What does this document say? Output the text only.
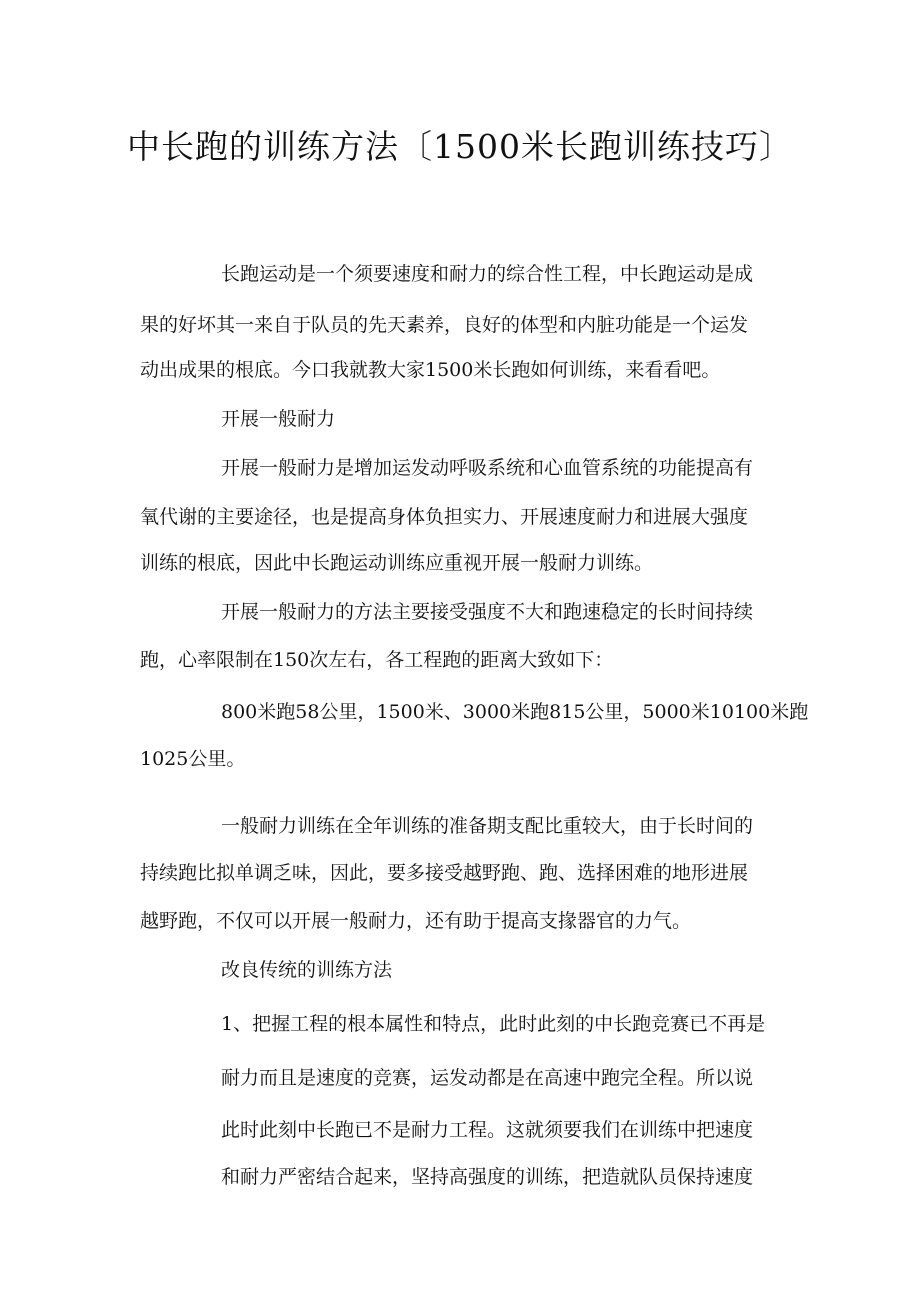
中长跑的训练方法〔1500米长跑训练技巧〕
长跑运动是一个须要速度和耐力的综合性工程，中长跑运动是成
果的好坏其一来自于队员的先天素养，良好的体型和内脏功能是一个运发
动出成果的根底。今口我就教大家1500米长跑如何训练，来看看吧。
开展一般耐力
开展一般耐力是增加运发动呼吸系统和心血管系统的功能提高有
氧代谢的主要途径，也是提高身体负担实力、开展速度耐力和进展大强度
训练的根底，因此中长跑运动训练应重视开展一般耐力训练。
开展一般耐力的方法主要接受强度不大和跑速稳定的长时间持续
跑，心率限制在150次左右，各工程跑的距离大致如下：
800米跑58公里，1500米、3000米跑815公里，5000米10100米跑
1025公里。
一般耐力训练在全年训练的准备期支配比重较大，由于长时间的
持续跑比拟单调乏味，因此，要多接受越野跑、跑、选择困难的地形进展
越野跑，不仅可以开展一般耐力，还有助于提高支掾器官的力气。
改良传统的训练方法
1、把握工程的根本属性和特点，此时此刻的中长跑竞赛已不再是
耐力而且是速度的竞赛，运发动都是在高速中跑完全程。所以说
此时此刻中长跑已不是耐力工程。这就须要我们在训练中把速度
和耐力严密结合起来，坚持高强度的训练，把造就队员保持速度
